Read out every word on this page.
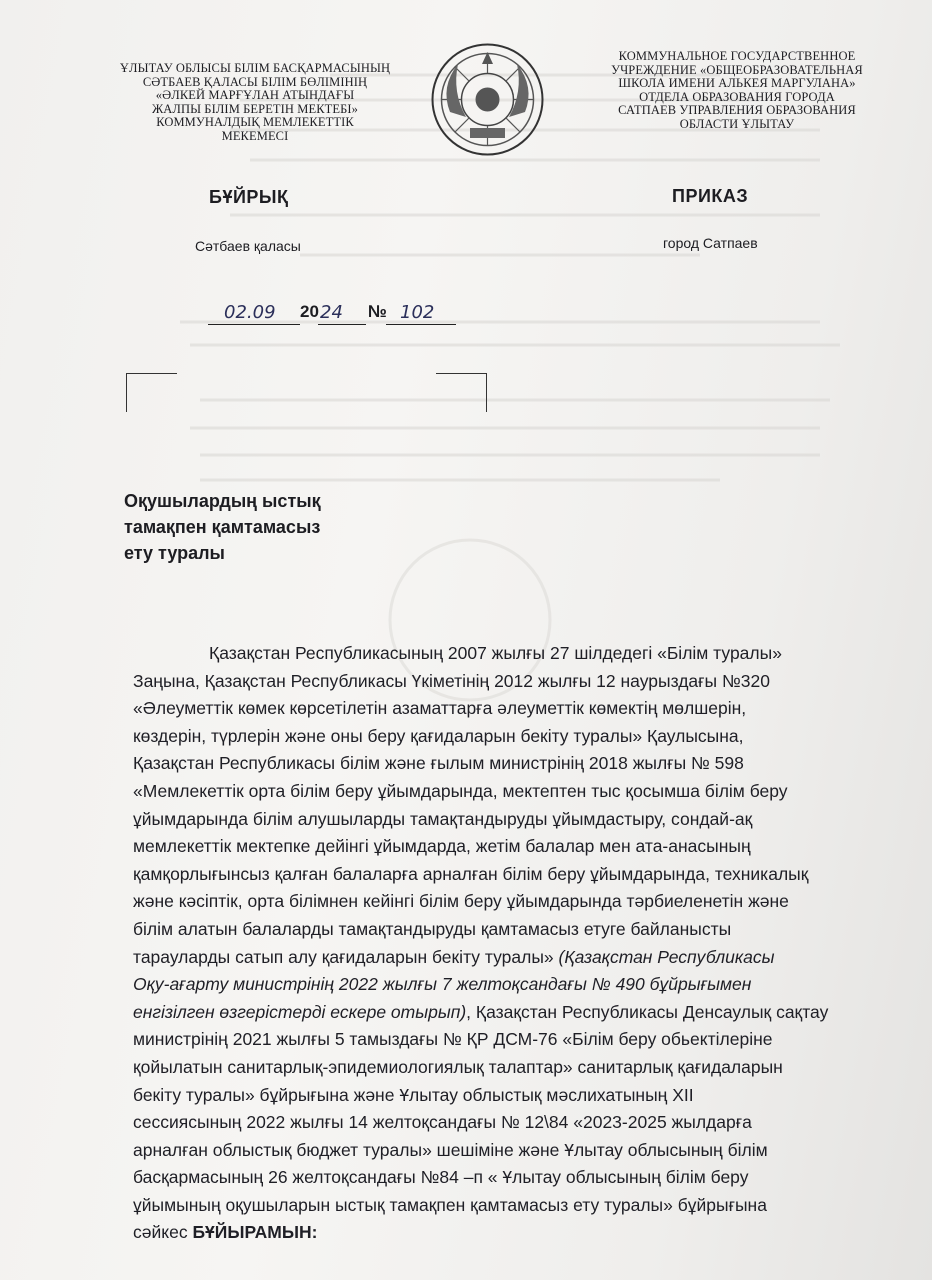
ҰЛЫТАУ ОБЛЫСЫ БІЛІМ БАСҚАРМАСЫНЫҢ
СӘТБАЕВ ҚАЛАСЫ БІЛІМ БӨЛІМІНІҢ
«ӘЛКЕЙ МАРҒҰЛАН АТЫНДАҒЫ
ЖАЛПЫ БІЛІМ БЕРЕТІН МЕКТЕБІ»
КОММУНАЛДЫҚ МЕМЛЕКЕТТІК
МЕКЕМЕСІ
КОММУНАЛЬНОЕ ГОСУДАРСТВЕННОЕ
УЧРЕЖДЕНИЕ «ОБЩЕОБРАЗОВАТЕЛЬНАЯ
ШКОЛА ИМЕНИ АЛЬКЕЯ МАРГУЛАНА»
ОТДЕЛА ОБРАЗОВАНИЯ ГОРОДА
САТПАЕВ УПРАВЛЕНИЯ ОБРАЗОВАНИЯ
ОБЛАСТИ ҰЛЫТАУ
БҰЙРЫҚ	ПРИКАЗ
Сәтбаев қаласы	город Сатпаев
02.09 20 24 № 102
Оқушылардың ыстық
тамақпен қамтамасыз
ету туралы
Қазақстан Республикасының 2007 жылғы 27 шілдедегі «Білім туралы»
Заңына, Қазақстан Республикасы Үкіметінің 2012 жылғы 12 наурыздағы №320
«Әлеуметтік көмек көрсетілетін азаматтарға әлеуметтік көмектің мөлшерін,
көздерін, түрлерін және оны беру қағидаларын бекіту туралы» Қаулысына,
Қазақстан Республикасы білім және ғылым министрінің 2018 жылғы № 598
«Мемлекеттік орта білім беру ұйымдарында, мектептен тыс қосымша білім беру
ұйымдарында білім алушыларды тамақтандыруды ұйымдастыру, сондай-ақ
мемлекеттік мектепке дейінгі ұйымдарда, жетім балалар мен ата-анасының
қамқорлығынсыз қалған балаларға арналған білім беру ұйымдарында, техникалық
және кәсіптік, орта білімнен кейінгі білім беру ұйымдарында тәрбиеленетін және
білім алатын балаларды тамақтандыруды қамтамасыз етуге байланысты
тарауларды сатып алу қағидаларын бекіту туралы» (Қазақстан Республикасы
Оқу-ағарту министрінің 2022 жылғы 7 желтоқсандағы № 490 бұйрығымен
енгізілген өзгерістерді ескере отырып), Қазақстан Республикасы Денсаулық сақтау
министрінің 2021 жылғы 5 тамыздағы № ҚР ДСМ-76 «Білім беру обьектілеріне
қойылатын санитарлық-эпидемиологиялық талаптар» санитарлық қағидаларын
бекіту туралы» бұйрығына және Ұлытау облыстық мәслихатының XII
сессиясының 2022 жылғы 14 желтоқсандағы № 12\84 «2023-2025 жылдарға
арналған облыстық бюджет туралы» шешіміне және Ұлытау облысының білім
басқармасының 26 желтоқсандағы №84 –п « Ұлытау облысының білім беру
ұйымының оқушыларын ыстық тамақпен қамтамасыз ету туралы» бұйрығына
сәйкес БҰЙЫРАМЫН:
